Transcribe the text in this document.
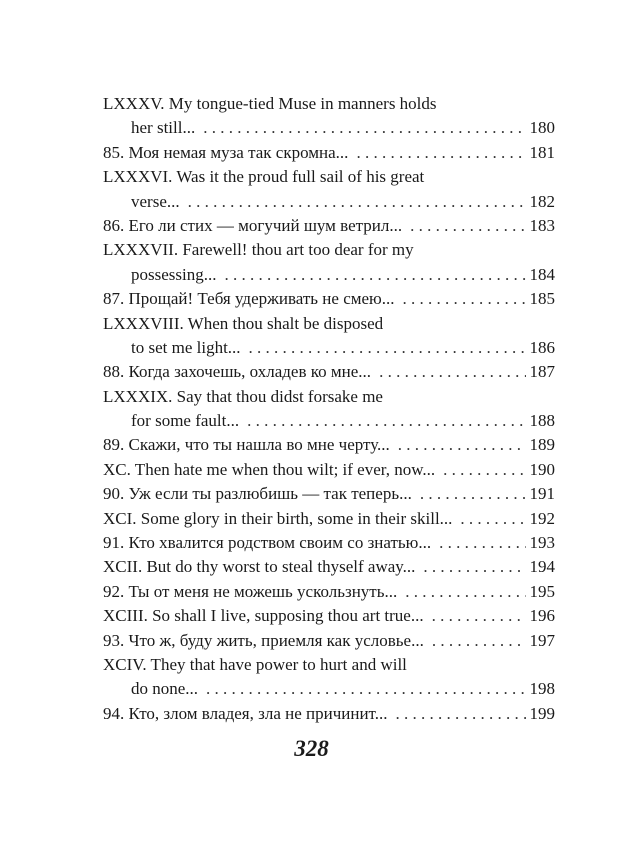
LXXXV. My tongue-tied Muse in manners holds
her still... . . .	180
85. Моя немая муза так скромна... . . .	181
LXXXVI. Was it the proud full sail of his great
verse... . . .	182
86. Его ли стих — могучий шум ветрил... . . .	183
LXXXVII. Farewell! thou art too dear for my
possessing... . . .	184
87. Прощай! Тебя удерживать не смею... . . .	185
LXXXVIII. When thou shalt be disposed
to set me light... . . .	186
88. Когда захочешь, охладев ко мне... . . .	187
LXXXIX. Say that thou didst forsake me
for some fault... . . .	188
89. Скажи, что ты нашла во мне черту... . . .	189
XC. Then hate me when thou wilt; if ever, now... . . .	190
90. Уж если ты разлюбишь — так теперь... . . .	191
XCI. Some glory in their birth, some in their skill... . . .	192
91. Кто хвалится родством своим со знатью... . . .	193
XCII. But do thy worst to steal thyself away... . . .	194
92. Ты от меня не можешь ускользнуть... . . .	195
XCIII. So shall I live, supposing thou art true... . . .	196
93. Что ж, буду жить, приемля как условье... . . .	197
XCIV. They that have power to hurt and will
do none... . . .	198
94. Кто, злом владея, зла не причинит... . . .	199
328
